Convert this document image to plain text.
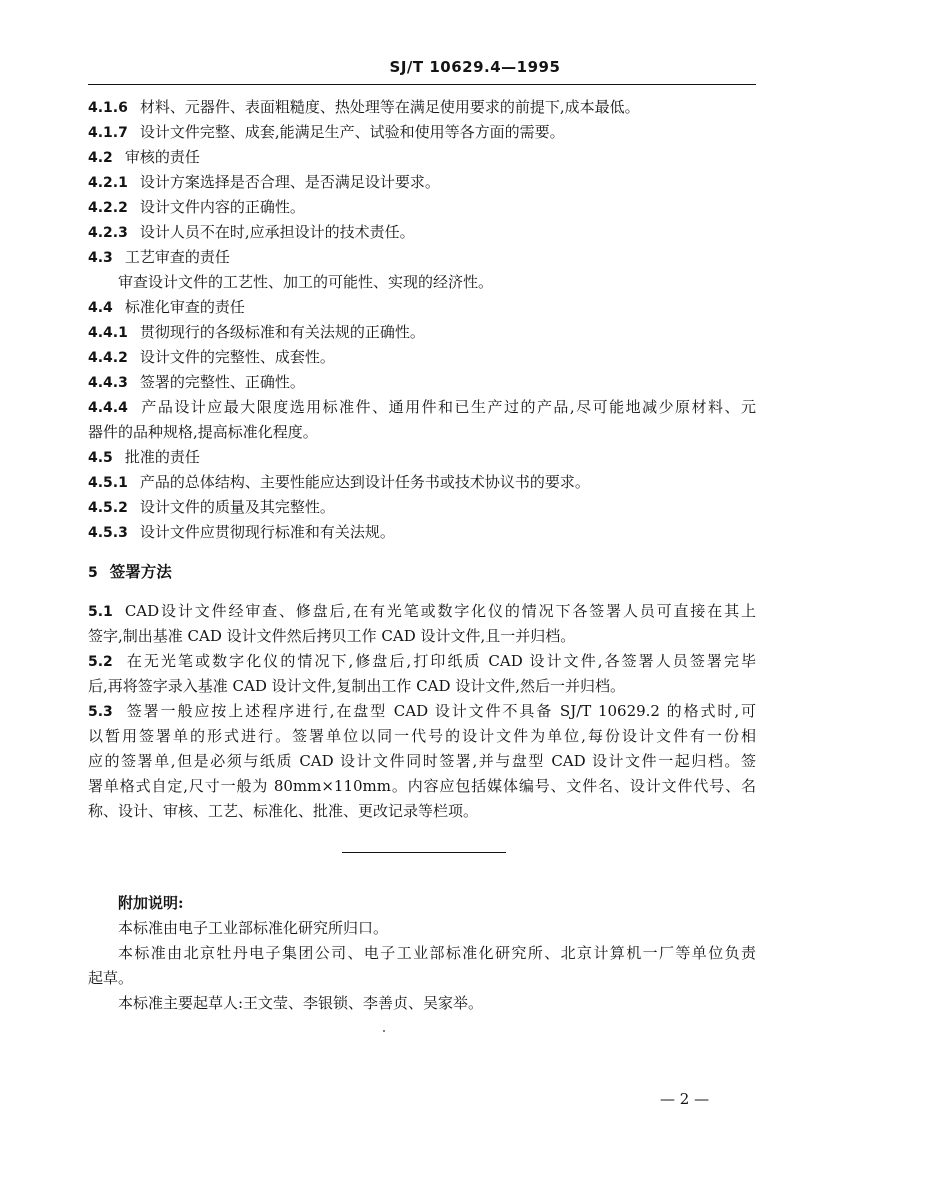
SJ/T 10629.4—1995
4.1.6 材料、元器件、表面粗糙度、热处理等在满足使用要求的前提下,成本最低。
4.1.7 设计文件完整、成套,能满足生产、试验和使用等各方面的需要。
4.2 审核的责任
4.2.1 设计方案选择是否合理、是否满足设计要求。
4.2.2 设计文件内容的正确性。
4.2.3 设计人员不在时,应承担设计的技术责任。
4.3 工艺审查的责任
审查设计文件的工艺性、加工的可能性、实现的经济性。
4.4 标准化审查的责任
4.4.1 贯彻现行的各级标准和有关法规的正确性。
4.4.2 设计文件的完整性、成套性。
4.4.3 签署的完整性、正确性。
4.4.4 产品设计应最大限度选用标准件、通用件和已生产过的产品,尽可能地减少原材料、元
器件的品种规格,提高标准化程度。
4.5 批准的责任
4.5.1 产品的总体结构、主要性能应达到设计任务书或技术协议书的要求。
4.5.2 设计文件的质量及其完整性。
4.5.3 设计文件应贯彻现行标准和有关法规。
5 签署方法
5.1 CAD设计文件经审查、修盘后,在有光笔或数字化仪的情况下各签署人员可直接在其上
签字,制出基准 CAD 设计文件然后拷贝工作 CAD 设计文件,且一并归档。
5.2 在无光笔或数字化仪的情况下,修盘后,打印纸质 CAD 设计文件,各签署人员签署完毕
后,再将签字录入基准 CAD 设计文件,复制出工作 CAD 设计文件,然后一并归档。
5.3 签署一般应按上述程序进行,在盘型 CAD 设计文件不具备 SJ/T 10629.2 的格式时,可
以暂用签署单的形式进行。签署单位以同一代号的设计文件为单位,每份设计文件有一份相
应的签署单,但是必须与纸质 CAD 设计文件同时签署,并与盘型 CAD 设计文件一起归档。签
署单格式自定,尺寸一般为 80mm×110mm。内容应包括媒体编号、文件名、设计文件代号、名
称、设计、审核、工艺、标准化、批准、更改记录等栏项。
附加说明:
本标准由电子工业部标准化研究所归口。
本标准由北京牡丹电子集团公司、电子工业部标准化研究所、北京计算机一厂等单位负责
起草。
本标准主要起草人:王文莹、李银锁、李善贞、吴家举。
— 2 —
